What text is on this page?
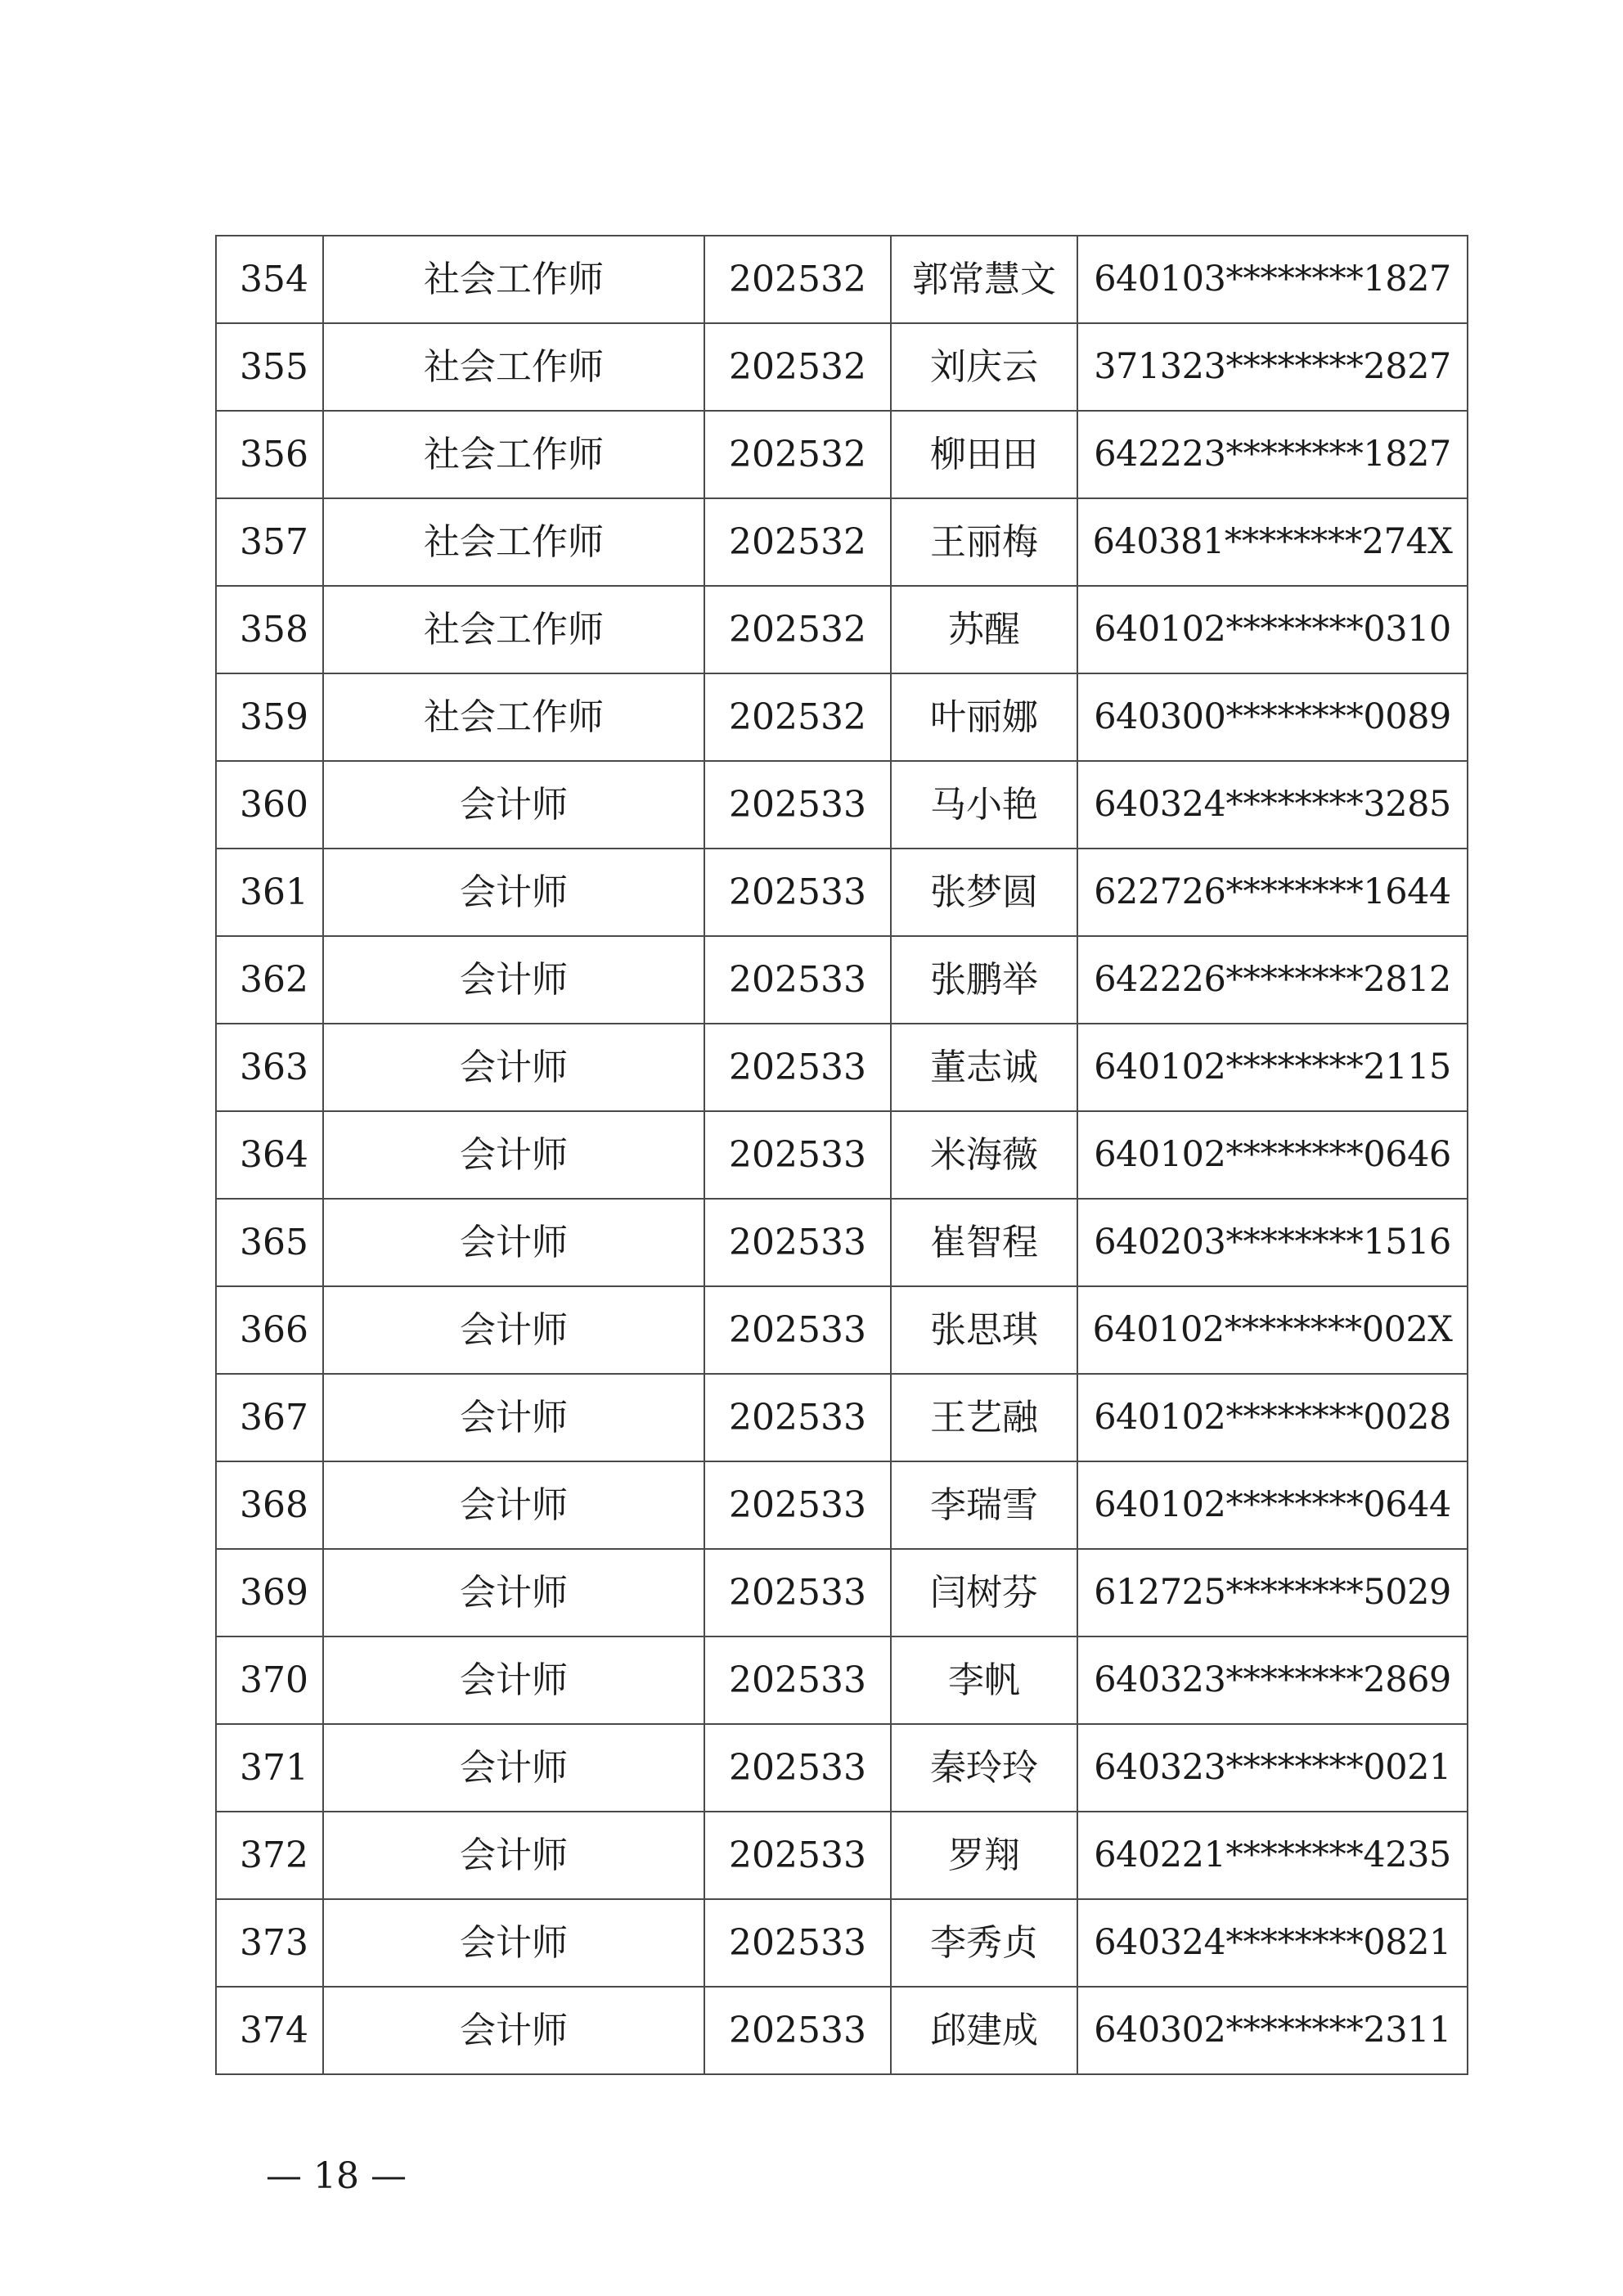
354	社会工作师	202532	郭常慧文	640103********1827
355	社会工作师	202532	刘庆云	371323********2827
356	社会工作师	202532	柳田田	642223********1827
357	社会工作师	202532	王丽梅	640381********274X
358	社会工作师	202532	苏醒	640102********0310
359	社会工作师	202532	叶丽娜	640300********0089
360	会计师	202533	马小艳	640324********3285
361	会计师	202533	张梦圆	622726********1644
362	会计师	202533	张鹏举	642226********2812
363	会计师	202533	董志诚	640102********2115
364	会计师	202533	米海薇	640102********0646
365	会计师	202533	崔智程	640203********1516
366	会计师	202533	张思琪	640102********002X
367	会计师	202533	王艺融	640102********0028
368	会计师	202533	李瑞雪	640102********0644
369	会计师	202533	闫树芬	612725********5029
370	会计师	202533	李帆	640323********2869
371	会计师	202533	秦玲玲	640323********0021
372	会计师	202533	罗翔	640221********4235
373	会计师	202533	李秀贞	640324********0821
374	会计师	202533	邱建成	640302********2311
— 18 —
